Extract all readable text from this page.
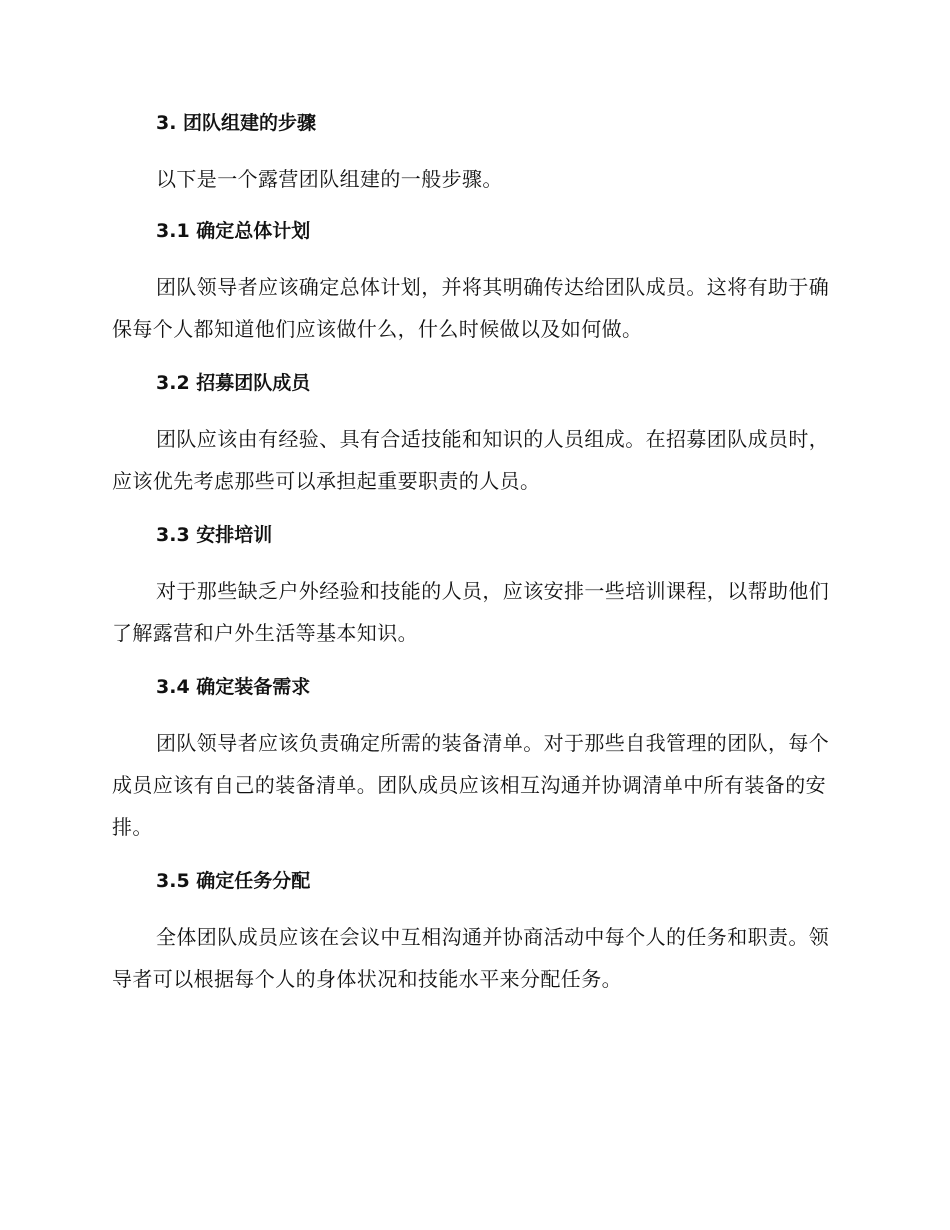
3. 团队组建的步骤
以下是一个露营团队组建的一般步骤。
3.1 确定总体计划
团队领导者应该确定总体计划，并将其明确传达给团队成员。这将有助于确保每个人都知道他们应该做什么，什么时候做以及如何做。
3.2 招募团队成员
团队应该由有经验、具有合适技能和知识的人员组成。在招募团队成员时，应该优先考虑那些可以承担起重要职责的人员。
3.3 安排培训
对于那些缺乏户外经验和技能的人员，应该安排一些培训课程，以帮助他们了解露营和户外生活等基本知识。
3.4 确定装备需求
团队领导者应该负责确定所需的装备清单。对于那些自我管理的团队，每个成员应该有自己的装备清单。团队成员应该相互沟通并协调清单中所有装备的安排。
3.5 确定任务分配
全体团队成员应该在会议中互相沟通并协商活动中每个人的任务和职责。领导者可以根据每个人的身体状况和技能水平来分配任务。
